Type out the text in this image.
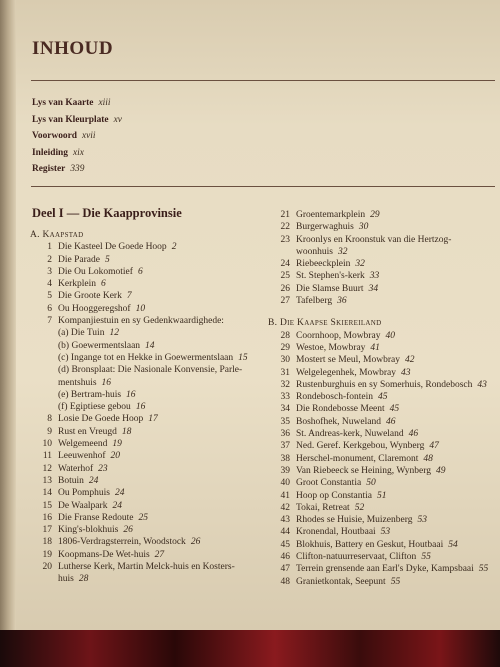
INHOUD
Lys van Kaarte xiii
Lys van Kleurplate xv
Voorwoord xvii
Inleiding xix
Register 339
Deel I — Die Kaapprovinsie
A. Kaapstad
1 Die Kasteel De Goede Hoop 2
2 Die Parade 5
3 Die Ou Lokomotief 6
4 Kerkplein 6
5 Die Groote Kerk 7
6 Ou Hooggeregshof 10
7 Kompanjiestuin en sy Gedenkwaardighede:
(a) Die Tuin 12
(b) Goewermentslaan 14
(c) Ingange tot en Hekke in Goewermentslaan 15
(d) Bronsplaat: Die Nasionale Konvensie, Parle-
mentshuis 16
(e) Bertram-huis 16
(f) Egiptiese gebou 16
8 Losie De Goede Hoop 17
9 Rust en Vreugd 18
10 Welgemeend 19
11 Leeuwenhof 20
12 Waterhof 23
13 Botuin 24
14 Ou Pomphuis 24
15 De Waalpark 24
16 Die Franse Redoute 25
17 King's-blokhuis 26
18 1806-Verdragsterrein, Woodstock 26
19 Koopmans-De Wet-huis 27
20 Lutherse Kerk, Martin Melck-huis en Kosters-
huis 28
21 Groentemarkplein 29
22 Burgerwaghuis 30
23 Kroonlys en Kroonstuk van die Hertzog-
woonhuis 32
24 Riebeeckplein 32
25 St. Stephen's-kerk 33
26 Die Slamse Buurt 34
27 Tafelberg 36
B. Die Kaapse Skiereiland
28 Coornhoop, Mowbray 40
29 Westoe, Mowbray 41
30 Mostert se Meul, Mowbray 42
31 Welgelegenhek, Mowbray 43
32 Rustenburghuis en sy Somerhuis, Rondebosch 43
33 Rondebosch-fontein 45
34 Die Rondebosse Meent 45
35 Boshofhek, Nuweland 46
36 St. Andreas-kerk, Nuweland 46
37 Ned. Geref. Kerkgebou, Wynberg 47
38 Herschel-monument, Claremont 48
39 Van Riebeeck se Heining, Wynberg 49
40 Groot Constantia 50
41 Hoop op Constantia 51
42 Tokai, Retreat 52
43 Rhodes se Huisie, Muizenberg 53
44 Kronendal, Houtbaai 53
45 Blokhuis, Battery en Geskut, Houtbaai 54
46 Clifton-natuurreservaat, Clifton 55
47 Terrein grensende aan Earl's Dyke, Kampsbaai 55
48 Granietkontak, Seepunt 55
